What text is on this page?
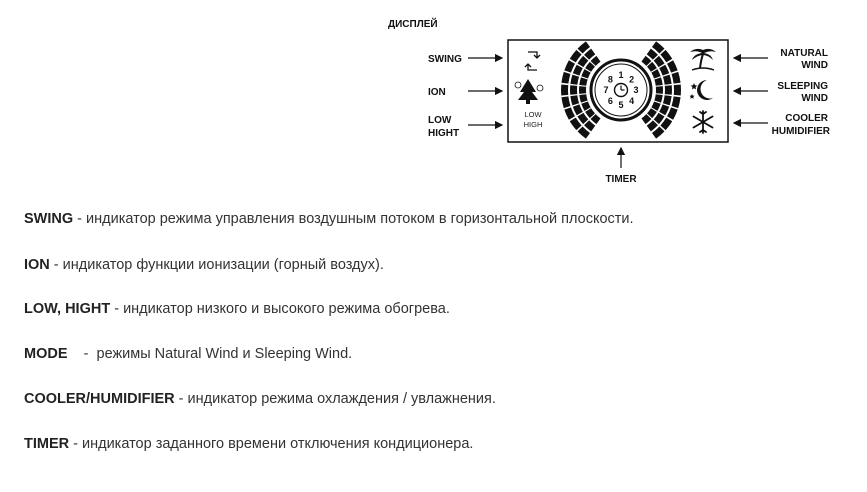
ДИСПЛЕЙ
SWING
ION
LOW
HIGHT
NATURAL
WIND
SLEEPING
WIND
COOLER
HUMIDIFIER
TIMER
LOW
HIGH
1 2
3
4
5
6
7
8

SWING - индикатор режима управления воздушным потоком в горизонтальной плоскости.

ION - индикатор функции ионизации (горный воздух).

LOW, HIGHT - индикатор низкого и высокого режима обогрева.

MODE    -  режимы Natural Wind и Sleeping Wind.

COOLER/HUMIDIFIER - индикатор режима охлаждения / увлажнения.

TIMER - индикатор заданного времени отключения кондиционера.
